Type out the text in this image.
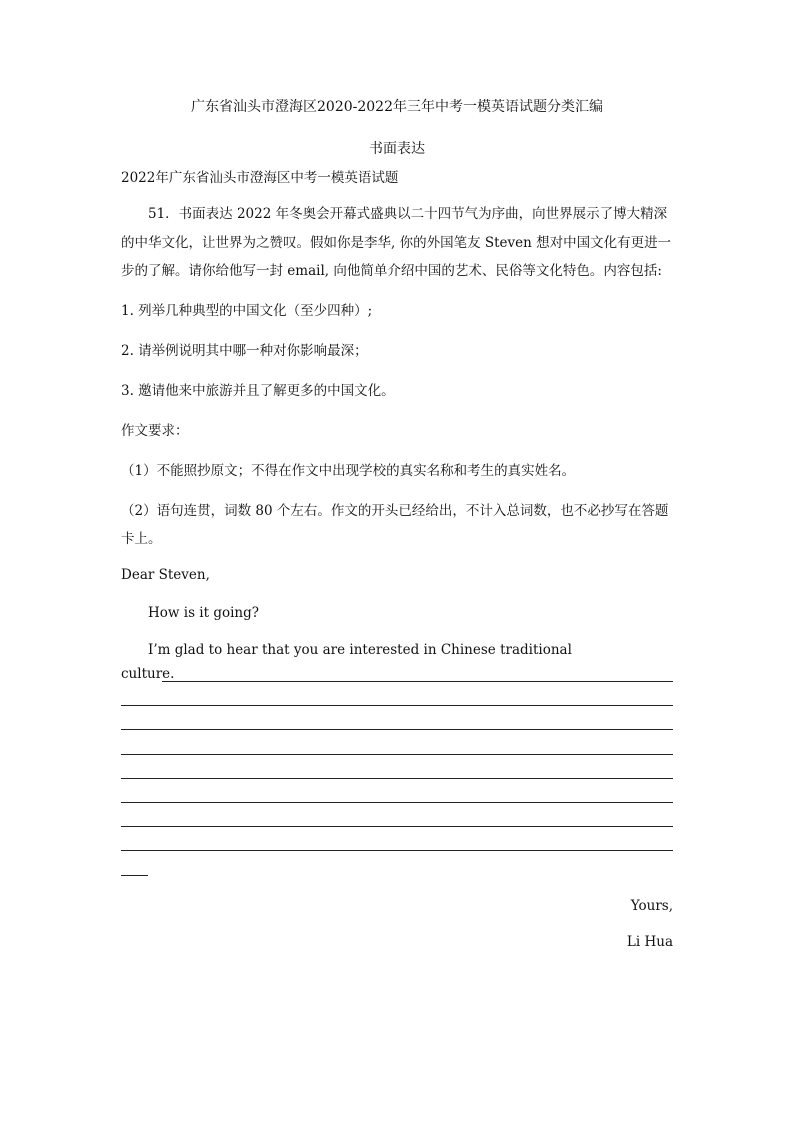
广东省汕头市澄海区2020-2022年三年中考一模英语试题分类汇编
书面表达
2022年广东省汕头市澄海区中考一模英语试题
51．书面表达 2022 年冬奥会开幕式盛典以二十四节气为序曲，向世界展示了博大精深
的中华文化，让世界为之赞叹。假如你是李华, 你的外国笔友 Steven 想对中国文化有更进一
步的了解。请你给他写一封 email, 向他简单介绍中国的艺术、民俗等文化特色。内容包括:
1. 列举几种典型的中国文化（至少四种）;
2. 请举例说明其中哪一种对你影响最深；
3. 邀请他来中旅游并且了解更多的中国文化。
作文要求：
（1）不能照抄原文；不得在作文中出现学校的真实名称和考生的真实姓名。
（2）语句连贯，词数 80 个左右。作文的开头已经给出，不计入总词数，也不必抄写在答题
卡上。
Dear Steven,
How is it going?
I’m glad to hear that you are interested in Chinese traditional
culture.
Yours,
Li Hua
